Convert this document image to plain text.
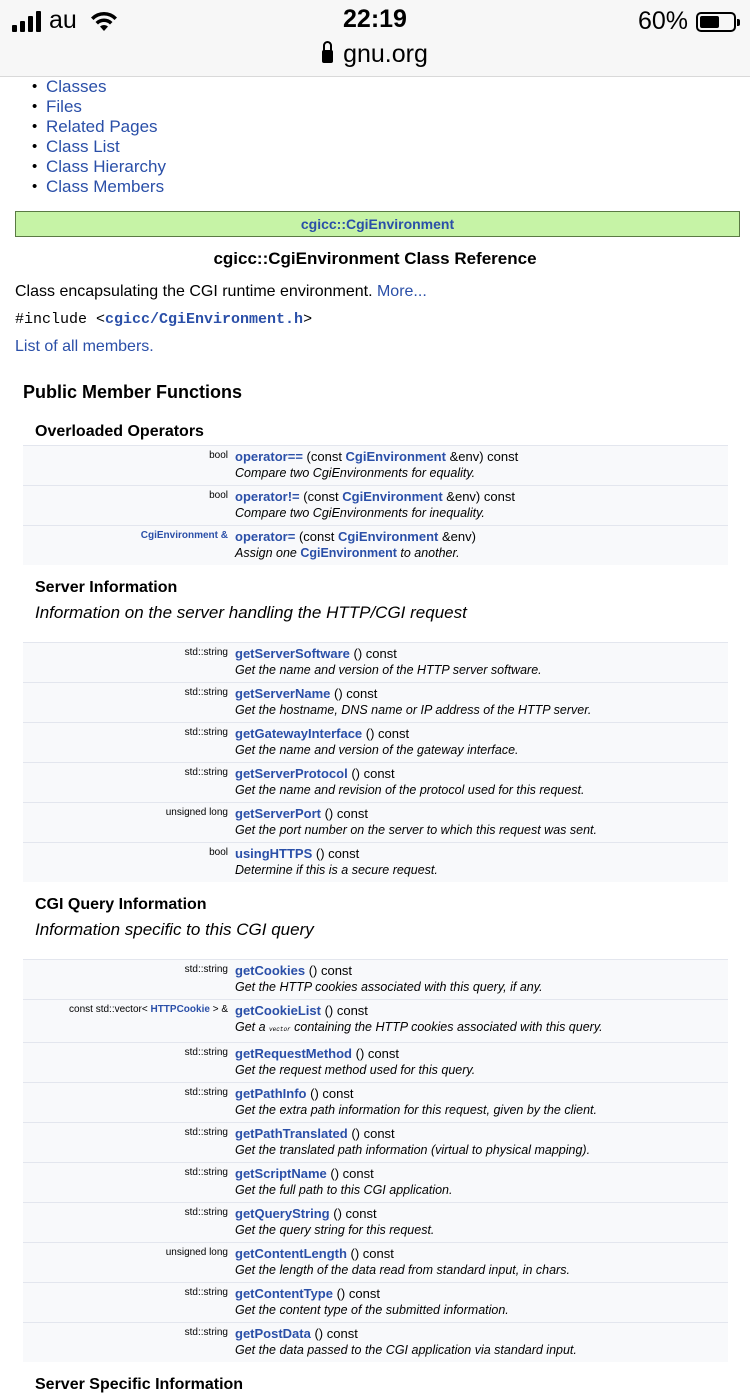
au	22:19
gnu.org
60%
• Classes
• Files
• Related Pages
• Class List
• Class Hierarchy
• Class Members
cgicc::CgiEnvironment
cgicc::CgiEnvironment Class Reference
Class encapsulating the CGI runtime environment. More...
#include <cgicc/CgiEnvironment.h>
List of all members.
Public Member Functions
Overloaded Operators
bool	operator== (const CgiEnvironment &env) const
	Compare two CgiEnvironments for equality.
bool	operator!= (const CgiEnvironment &env) const
	Compare two CgiEnvironments for inequality.
CgiEnvironment &	operator= (const CgiEnvironment &env)
	Assign one CgiEnvironment to another.
Server Information
Information on the server handling the HTTP/CGI request
std::string	getServerSoftware () const
	Get the name and version of the HTTP server software.
std::string	getServerName () const
	Get the hostname, DNS name or IP address of the HTTP server.
std::string	getGatewayInterface () const
	Get the name and version of the gateway interface.
std::string	getServerProtocol () const
	Get the name and revision of the protocol used for this request.
unsigned long	getServerPort () const
	Get the port number on the server to which this request was sent.
bool	usingHTTPS () const
	Determine if this is a secure request.
CGI Query Information
Information specific to this CGI query
std::string	getCookies () const
	Get the HTTP cookies associated with this query, if any.
const std::vector< HTTPCookie > &	getCookieList () const
	Get a vector containing the HTTP cookies associated with this query.
std::string	getRequestMethod () const
	Get the request method used for this query.
std::string	getPathInfo () const
	Get the extra path information for this request, given by the client.
std::string	getPathTranslated () const
	Get the translated path information (virtual to physical mapping).
std::string	getScriptName () const
	Get the full path to this CGI application.
std::string	getQueryString () const
	Get the query string for this request.
unsigned long	getContentLength () const
	Get the length of the data read from standard input, in chars.
std::string	getContentType () const
	Get the content type of the submitted information.
std::string	getPostData () const
	Get the data passed to the CGI application via standard input.
Server Specific Information
